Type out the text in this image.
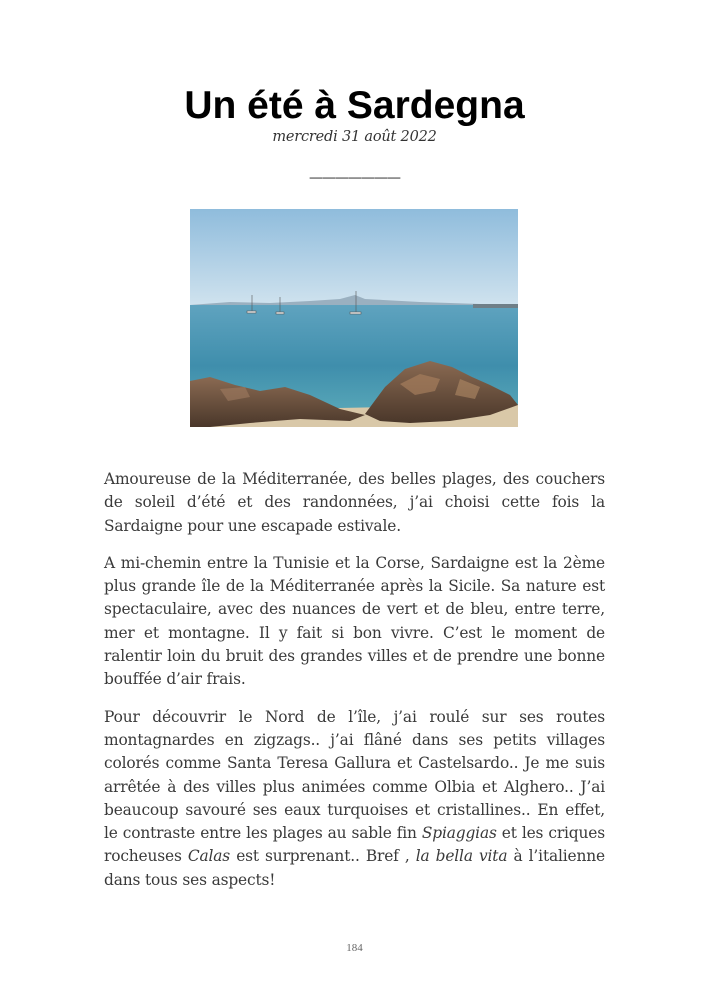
Un été à Sardegna
mercredi 31 août 2022
———————

Amoureuse de la Méditerranée, des belles plages, des couchers de soleil d’été et des randonnées, j’ai choisi cette fois la Sardaigne pour une escapade estivale.

A mi-chemin entre la Tunisie et la Corse, Sardaigne est la 2ème plus grande île de la Méditerranée après la Sicile. Sa nature est spectaculaire, avec des nuances de vert et de bleu, entre terre, mer et montagne. Il y fait si bon vivre. C’est le moment de ralentir loin du bruit des grandes villes et de prendre une bonne bouffée d’air frais.

Pour découvrir le Nord de l’île, j’ai roulé sur ses routes montagnardes en zigzags.. j’ai flâné dans ses petits villages colorés comme Santa Teresa Gallura et Castelsardo.. Je me suis arrêtée à des villes plus animées comme Olbia et Alghero.. J’ai beaucoup savouré ses eaux turquoises et cristallines.. En effet, le contraste entre les plages au sable fin Spiaggias et les criques rocheuses Calas est surprenant.. Bref , la bella vita à l’italienne dans tous ses aspects!

184
